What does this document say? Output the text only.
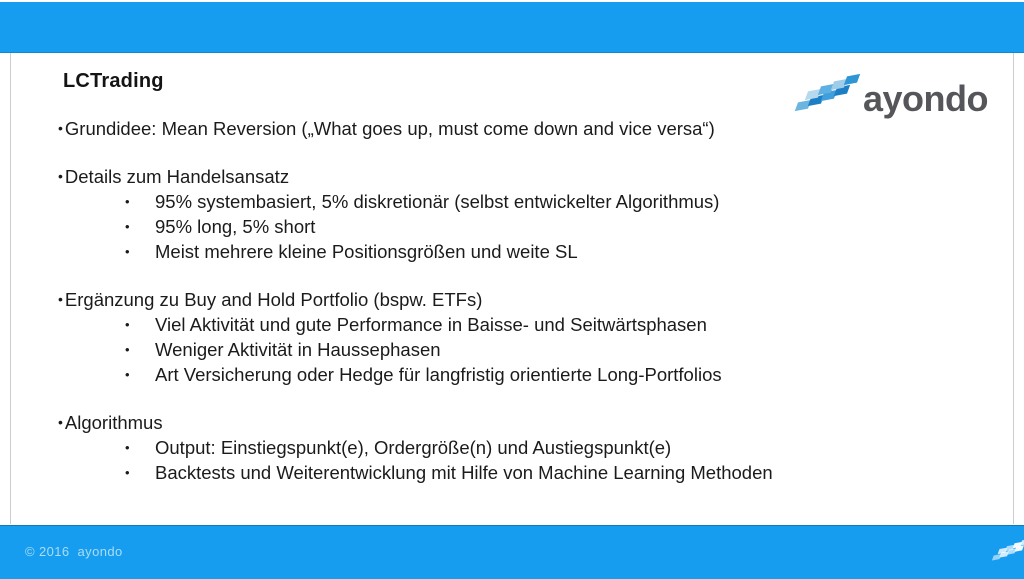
LCTrading	ayondo
• Grundidee: Mean Reversion („What goes up, must come down and vice versa“)
• Details zum Handelsansatz
• 95% systembasiert, 5% diskretionär (selbst entwickelter Algorithmus)
• 95% long, 5% short
• Meist mehrere kleine Positionsgrößen und weite SL
• Ergänzung zu Buy and Hold Portfolio (bspw. ETFs)
• Viel Aktivität und gute Performance in Baisse- und Seitwärtsphasen
• Weniger Aktivität in Haussephasen
• Art Versicherung oder Hedge für langfristig orientierte Long-Portfolios
• Algorithmus
• Output: Einstiegspunkt(e), Ordergröße(n) und Austiegspunkt(e)
• Backtests und Weiterentwicklung mit Hilfe von Machine Learning Methoden
© 2016  ayondo
